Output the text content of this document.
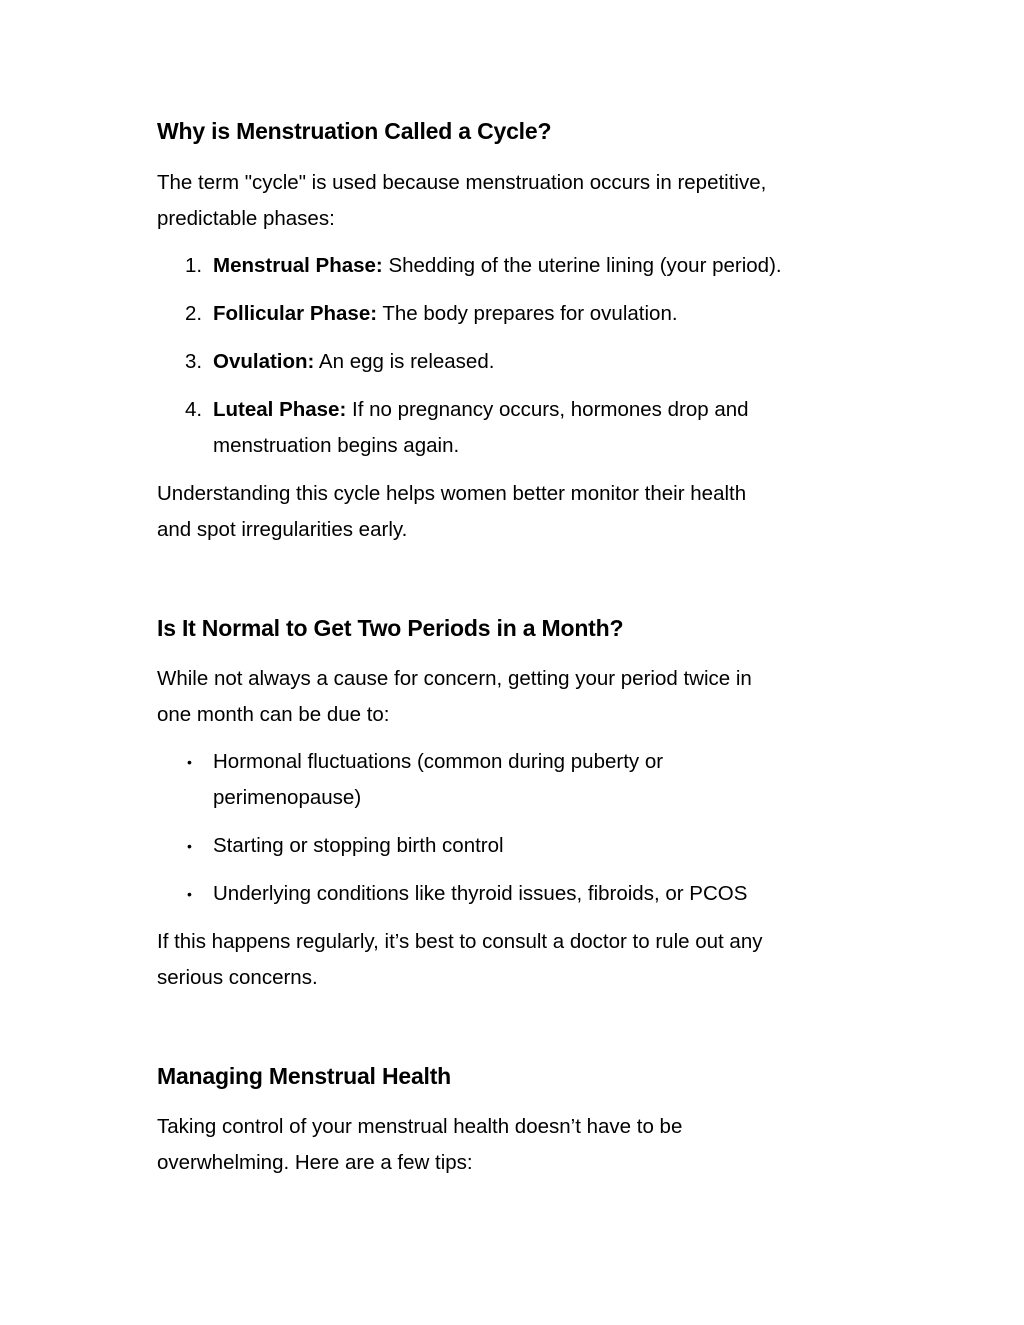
Why is Menstruation Called a Cycle?

The term "cycle" is used because menstruation occurs in repetitive,
predictable phases:

1. Menstrual Phase: Shedding of the uterine lining (your period).
2. Follicular Phase: The body prepares for ovulation.
3. Ovulation: An egg is released.
4. Luteal Phase: If no pregnancy occurs, hormones drop and
menstruation begins again.

Understanding this cycle helps women better monitor their health
and spot irregularities early.

Is It Normal to Get Two Periods in a Month?

While not always a cause for concern, getting your period twice in
one month can be due to:

• Hormonal fluctuations (common during puberty or
perimenopause)
• Starting or stopping birth control
• Underlying conditions like thyroid issues, fibroids, or PCOS

If this happens regularly, it’s best to consult a doctor to rule out any
serious concerns.

Managing Menstrual Health

Taking control of your menstrual health doesn’t have to be
overwhelming. Here are a few tips:
